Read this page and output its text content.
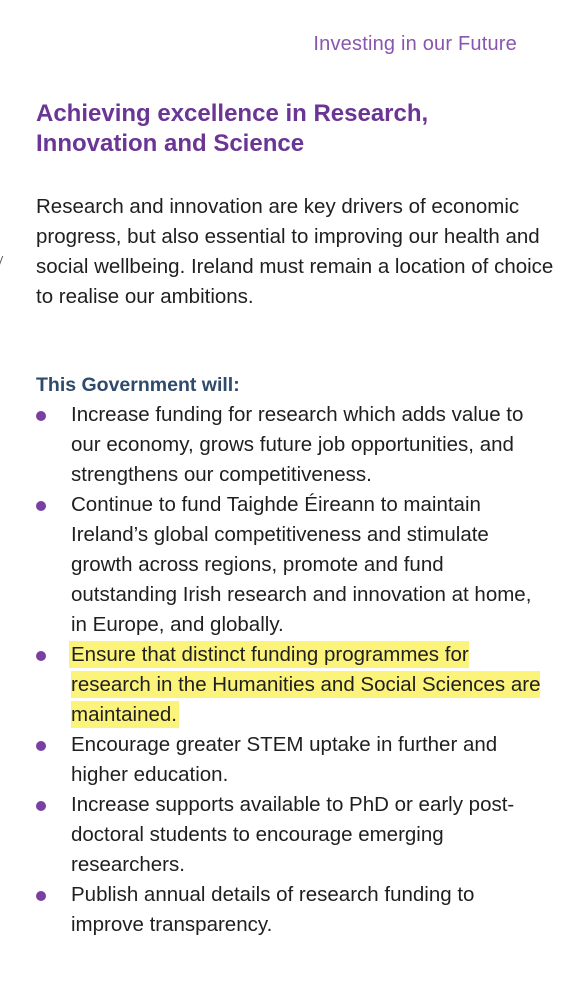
Investing in our Future
Achieving excellence in Research,
Innovation and Science

Research and innovation are key drivers of economic progress, but also essential to improving our health and social wellbeing. Ireland must remain a location of choice to realise our ambitions.

This Government will:

Increase funding for research which adds value to our economy, grows future job opportunities, and strengthens our competitiveness.
Continue to fund Taighde Éireann to maintain Ireland’s global competitiveness and stimulate growth across regions, promote and fund outstanding Irish research and innovation at home, in Europe, and globally.
Ensure that distinct funding programmes for research in the Humanities and Social Sciences are maintained.
Encourage greater STEM uptake in further and higher education.
Increase supports available to PhD or early post-doctoral students to encourage emerging researchers.
Publish annual details of research funding to improve transparency.
